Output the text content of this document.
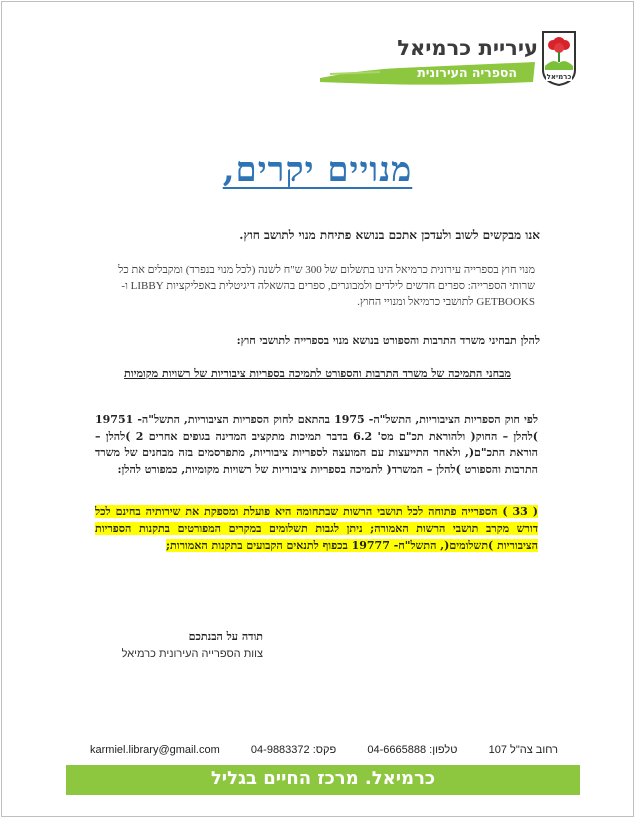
כרמיאל
עיריית כרמיאל
הספריה העירונית
מנויים יקרים,
אנו מבקשים לשוב ולעדכן אתכם בנושא פתיחת מנוי לתושב חוץ.
מנוי חוץ בספרייה עירונית כרמיאל הינו בתשלום של 300 ש"ח לשנה (לכל מנוי בנפרד) ומקבלים את כל שרותי הספרייה: ספרים חדשים לילדים ולמבוגרים, ספרים בהשאלה דיגיטלית באפליקציות LIBBY ו- GETBOOKS לתושבי כרמיאל ומנויי החוץ.
להלן תבחיני משרד התרבות והספורט בנושא מנוי בספרייה לתושבי חוץ:
מבחני התמיכה של משרד התרבות והספורט לתמיכה בספריות ציבוריות של רשויות מקומיות
לפי חוק הספריות הציבוריות, התשל"ה- 1975 בהתאם לחוק הספריות הציבוריות, התשל"ה- 19751 )להלן – החוק( ולהוראת תכ"ם מס' 6.2 בדבר תמיכות מתקציב המדינה בגופים אחרים 2 )להלן – הוראת התכ"ם(, ולאחר התייעצות עם המועצה לספריות ציבוריות, מתפרסמים בזה מבחנים של משרד התרבות והספורט )להלן – המשרד( לתמיכה בספריות ציבוריות של רשויות מקומיות, כמפורט להלן:
( 33 ) הספרייה פתוחה לכל תושבי הרשות שבתחומה היא פועלת ומספקת את שירותיה בחינם לכל דורש מקרב תושבי הרשות האמורה; ניתן לגבות תשלומים במקרים המפורטים בתקנות הספריות הציבוריות )תשלומים(, התשל"ח- 19777 בכפוף לתנאים הקבועים בתקנות האמורות;
תודה על הבנתכם
צוות הספרייה העירונית כרמיאל
רחוב צה"ל 107
טלפון: 04-6665888
פקס: 04-9883372
karmiel.library@gmail.com
כרמיאל. מרכז החיים בגליל
